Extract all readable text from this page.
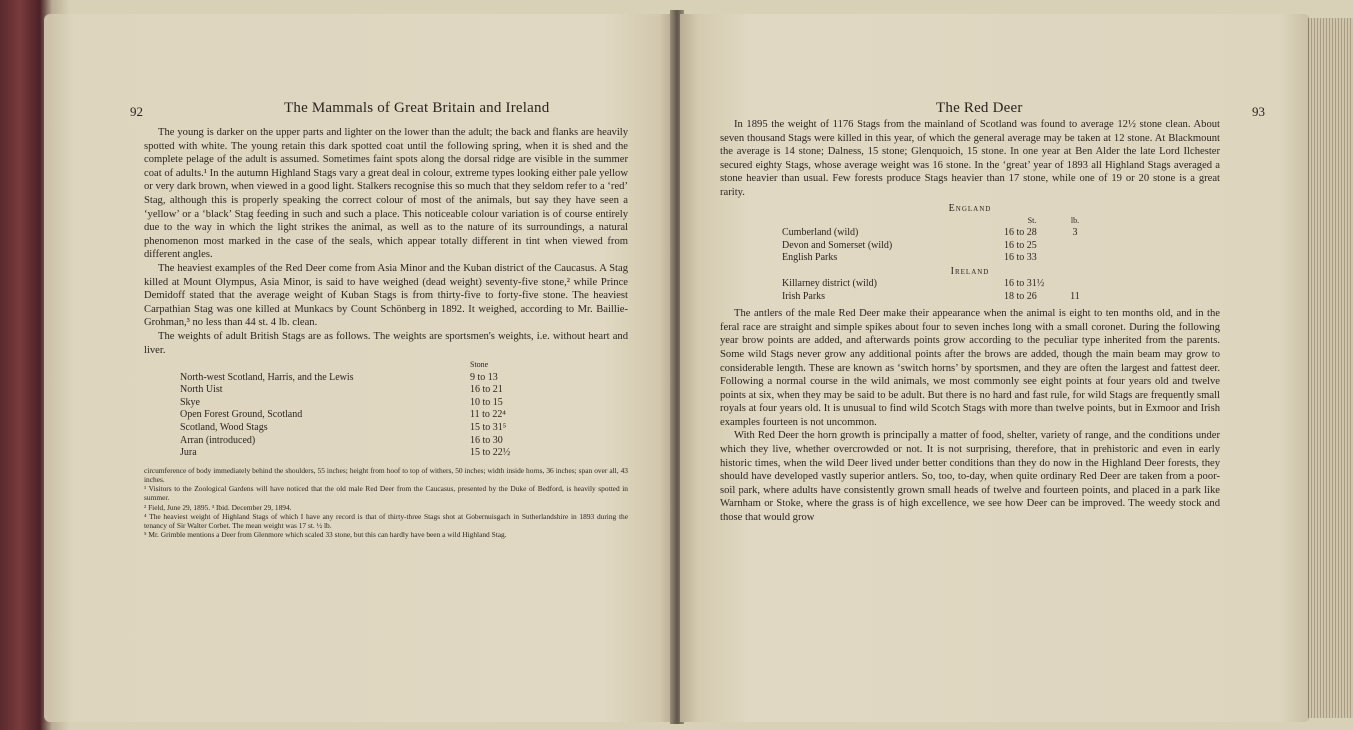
92	The Mammals of Great Britain and Ireland

The young is darker on the upper parts and lighter on the lower than the adult; the back and flanks are heavily spotted with white. The young retain this dark spotted coat until the following spring, when it is shed and the complete pelage of the adult is assumed. Sometimes faint spots along the dorsal ridge are visible in the summer coat of adults.¹ In the autumn Highland Stags vary a great deal in colour, extreme types looking either pale yellow or very dark brown, when viewed in a good light. Stalkers recognise this so much that they seldom refer to a ‘red’ Stag, although this is properly speaking the correct colour of most of the animals, but say they have seen a ‘yellow’ or a ‘black’ Stag feeding in such and such a place. This noticeable colour variation is of course entirely due to the way in which the light strikes the animal, as well as to the nature of its surroundings, a natural phenomenon most marked in the case of the seals, which appear totally different in tint when viewed from different angles.

The heaviest examples of the Red Deer come from Asia Minor and the Kuban district of the Caucasus. A Stag killed at Mount Olympus, Asia Minor, is said to have weighed (dead weight) seventy-five stone,² while Prince Demidoff stated that the average weight of Kuban Stags is from thirty-five to forty-five stone. The heaviest Carpathian Stag was one killed at Munkacs by Count Schönberg in 1892. It weighed, according to Mr. Baillie-Grohman,³ no less than 44 st. 4 lb. clean.

The weights of adult British Stags are as follows. The weights are sportsmen's weights, i.e. without heart and liver.

Stone
North-west Scotland, Harris, and the Lewis	9 to 13
North Uist	16 to 21
Skye	10 to 15
Open Forest Ground, Scotland	11 to 22⁴
Scotland, Wood Stags	15 to 31⁵
Arran (introduced)	16 to 30
Jura	15 to 22½
circumference of body immediately behind the shoulders, 55 inches; height from hoof to top of withers, 50 inches; width inside horns, 36 inches; span over all, 43 inches.
¹ Visitors to the Zoological Gardens will have noticed that the old male Red Deer from the Caucasus, presented by the Duke of Bedford, is heavily spotted in summer.
² Field, June 29, 1895. ³ Ibid. December 29, 1894.
⁴ The heaviest weight of Highland Stags of which I have any record is that of thirty-three Stags shot at Gobernuisgach in Sutherlandshire in 1893 during the tenancy of Sir Walter Corbet. The mean weight was 17 st. ½ lb.
⁵ Mr. Grimble mentions a Deer from Glenmore which scaled 33 stone, but this can hardly have been a wild Highland Stag.
The Red Deer	93

In 1895 the weight of 1176 Stags from the mainland of Scotland was found to average 12½ stone clean. About seven thousand Stags were killed in this year, of which the general average may be taken at 12 stone. At Blackmount the average is 14 stone; Dalness, 15 stone; Glenquoich, 15 stone. In one year at Ben Alder the late Lord Ilchester secured eighty Stags, whose average weight was 16 stone. In the ‘great’ year of 1893 all Highland Stags averaged a stone heavier than usual. Few forests produce Stags heavier than 17 stone, while one of 19 or 20 stone is a great rarity.

England
St.	lb.
Cumberland (wild)	16 to 28	3
Devon and Somerset (wild)	16 to 25
English Parks	16 to 33
Ireland
Killarney district (wild)	16 to 31½
Irish Parks	18 to 26	11

The antlers of the male Red Deer make their appearance when the animal is eight to ten months old, and in the feral race are straight and simple spikes about four to seven inches long with a small coronet. During the following year brow points are added, and afterwards points grow according to the peculiar type inherited from the parents. Some wild Stags never grow any additional points after the brows are added, though the main beam may grow to considerable length. These are known as ‘switch horns’ by sportsmen, and they are often the largest and fattest deer. Following a normal course in the wild animals, we most commonly see eight points at four years old and twelve points at six, when they may be said to be adult. But there is no hard and fast rule, for wild Stags are frequently small royals at four years old. It is unusual to find wild Scotch Stags with more than twelve points, but in Exmoor and Irish examples fourteen is not uncommon.

With Red Deer the horn growth is principally a matter of food, shelter, variety of range, and the conditions under which they live, whether overcrowded or not. It is not surprising, therefore, that in prehistoric and even in early historic times, when the wild Deer lived under better conditions than they do now in the Highland Deer forests, they should have developed vastly superior antlers. So, too, to-day, when quite ordinary Red Deer are taken from a poor-soil park, where adults have consistently grown small heads of twelve and fourteen points, and placed in a park like Warnham or Stoke, where the grass is of high excellence, we see how Deer can be improved. The weedy stock and those that would grow
